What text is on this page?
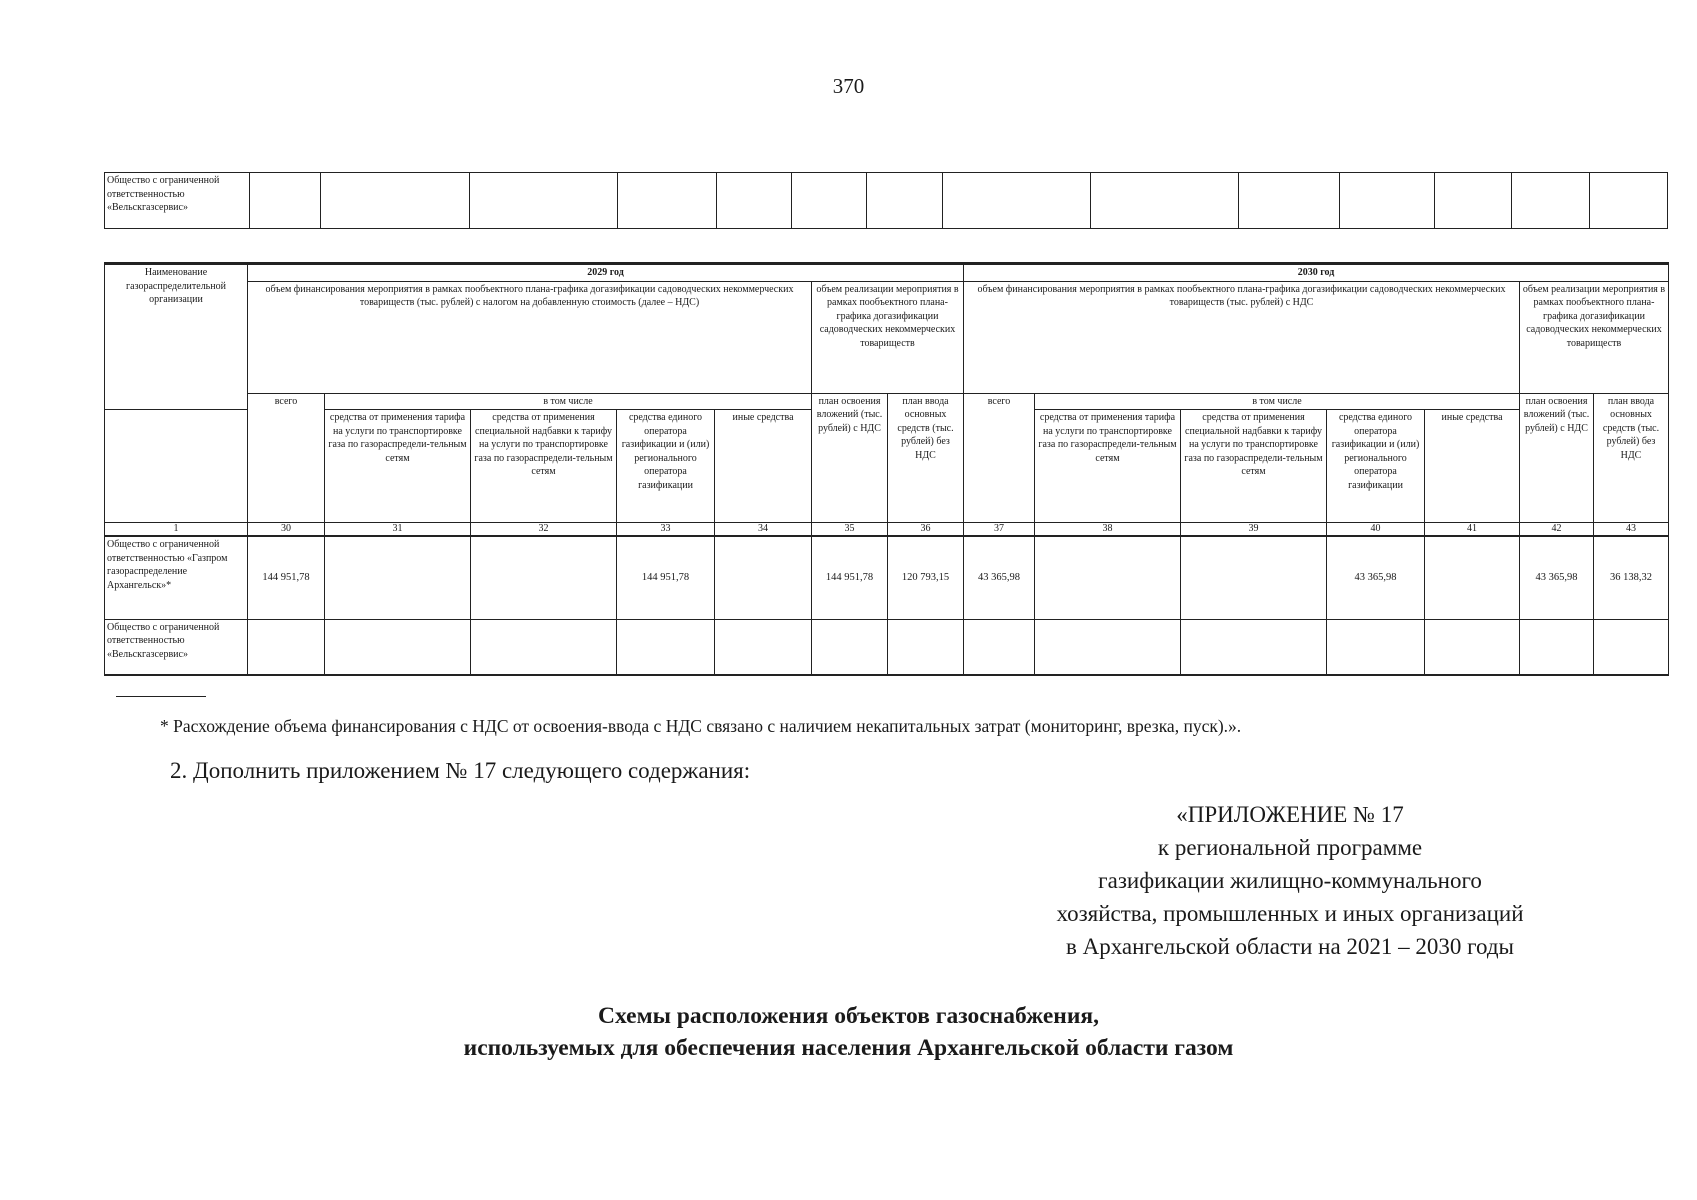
370
Общество с ограниченной ответственностью «Вельскгазсервис»														
Наименование газораспределительной организации	2029 год							2030 год						
	объем финансирования мероприятия в рамках пообъектного плана-графика догазификации садоводческих некоммерческих товариществ (тыс. рублей) с налогом на добавленную стоимость (далее – НДС)					объем реализации мероприятия в рамках пообъектного плана-графика догазификации садоводческих некоммерческих товариществ		объем финансирования мероприятия в рамках пообъектного плана-графика догазификации садоводческих некоммерческих товариществ (тыс. рублей) с НДС					объем реализации мероприятия в рамках пообъектного плана-графика догазификации садоводческих некоммерческих товариществ	
	всего	в том числе				план освоения вложений (тыс. рублей) с НДС	план ввода основных средств (тыс. рублей) без НДС	всего	в том числе				план освоения вложений (тыс. рублей) с НДС	план ввода основных средств (тыс. рублей) без НДС
		средства от применения тарифа на услуги по транспортировке газа по газораспредели-тельным сетям	средства от применения специальной надбавки к тарифу на услуги по транспортировке газа по газораспредели-тельным сетям	средства единого оператора газификации и (или) регионального оператора газификации	иные средства				средства от применения тарифа на услуги по транспортировке газа по газораспредели-тельным сетям	средства от применения специальной надбавки к тарифу на услуги по транспортировке газа по газораспредели-тельным сетям	средства единого оператора газификации и (или) регионального оператора газификации	иные средства		
1	30	31	32	33	34	35	36	37	38	39	40	41	42	43
Общество с ограниченной ответственностью «Газпром газораспределение Архангельск»*	144 951,78			144 951,78		144 951,78	120 793,15	43 365,98			43 365,98		43 365,98	36 138,32
Общество с ограниченной ответственностью «Вельскгазсервис»														
* Расхождение объема финансирования с НДС от освоения-ввода с НДС связано с наличием некапитальных затрат (мониторинг, врезка, пуск).».
2. Дополнить приложением № 17 следующего содержания:
«ПРИЛОЖЕНИЕ № 17
к региональной программе
газификации жилищно-коммунального
хозяйства, промышленных и иных организаций
в Архангельской области на 2021 – 2030 годы
Схемы расположения объектов газоснабжения,
используемых для обеспечения населения Архангельской области газом
